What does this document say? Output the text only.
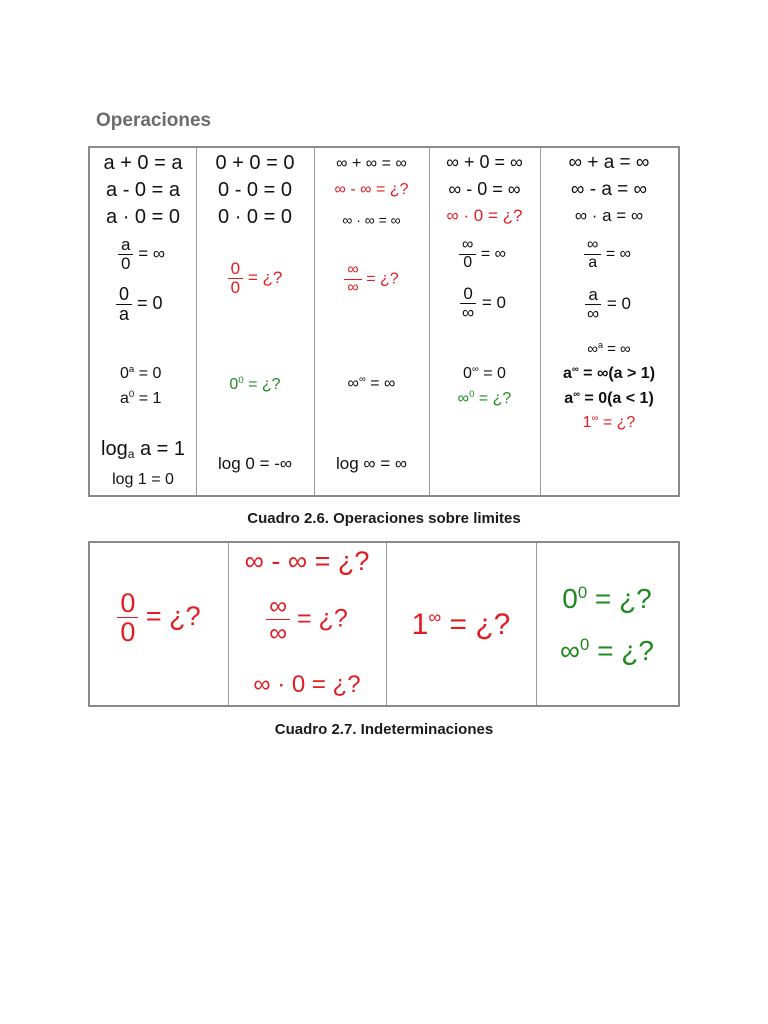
Operaciones
a + 0 = a
a - 0 = a
a · 0 = 0
$\frac{a}{0}$ = ∞
$\frac{0}{a} = 0$
$0^a = 0$
$a^0 = 1$
$\log_a a = 1$
log 1 = 0
0 + 0 = 0
0 - 0 = 0
0 · 0 = 0
$\frac{0}{0}$ = ¿?
$0^0$ = ¿?
log 0 = -∞
∞ + ∞ = ∞
∞ - ∞ = ¿?
∞ · ∞ = ∞
$\frac{\infty}{\infty}$ = ¿?
∞∞ = ∞
log ∞ = ∞
∞ + 0 = ∞
∞ - 0 = ∞
∞ · 0 = ¿?
$\frac{\infty}{0}$ = ∞
$\frac{0}{\infty} = 0$
0∞ = 0
∞$^0$ = ¿?
∞ + a = ∞
∞ - a = ∞
∞ · a = ∞
$\frac{\infty}{a}$ = ∞
$\frac{a}{\infty} = 0$
∞$^a$ = ∞
a∞ = ∞(a > 1)
a∞ = 0(a < 1)
1∞ = ¿?
Cuadro 2.6. Operaciones sobre limites
$\frac{0}{0}$ = ¿?
∞ - ∞ = ¿?
$\frac{\infty}{\infty}$ = ¿?
∞ · 0 = ¿?
1∞ = ¿?
$0^0$ = ¿?
∞$^0$ = ¿?
Cuadro 2.7. Indeterminaciones
